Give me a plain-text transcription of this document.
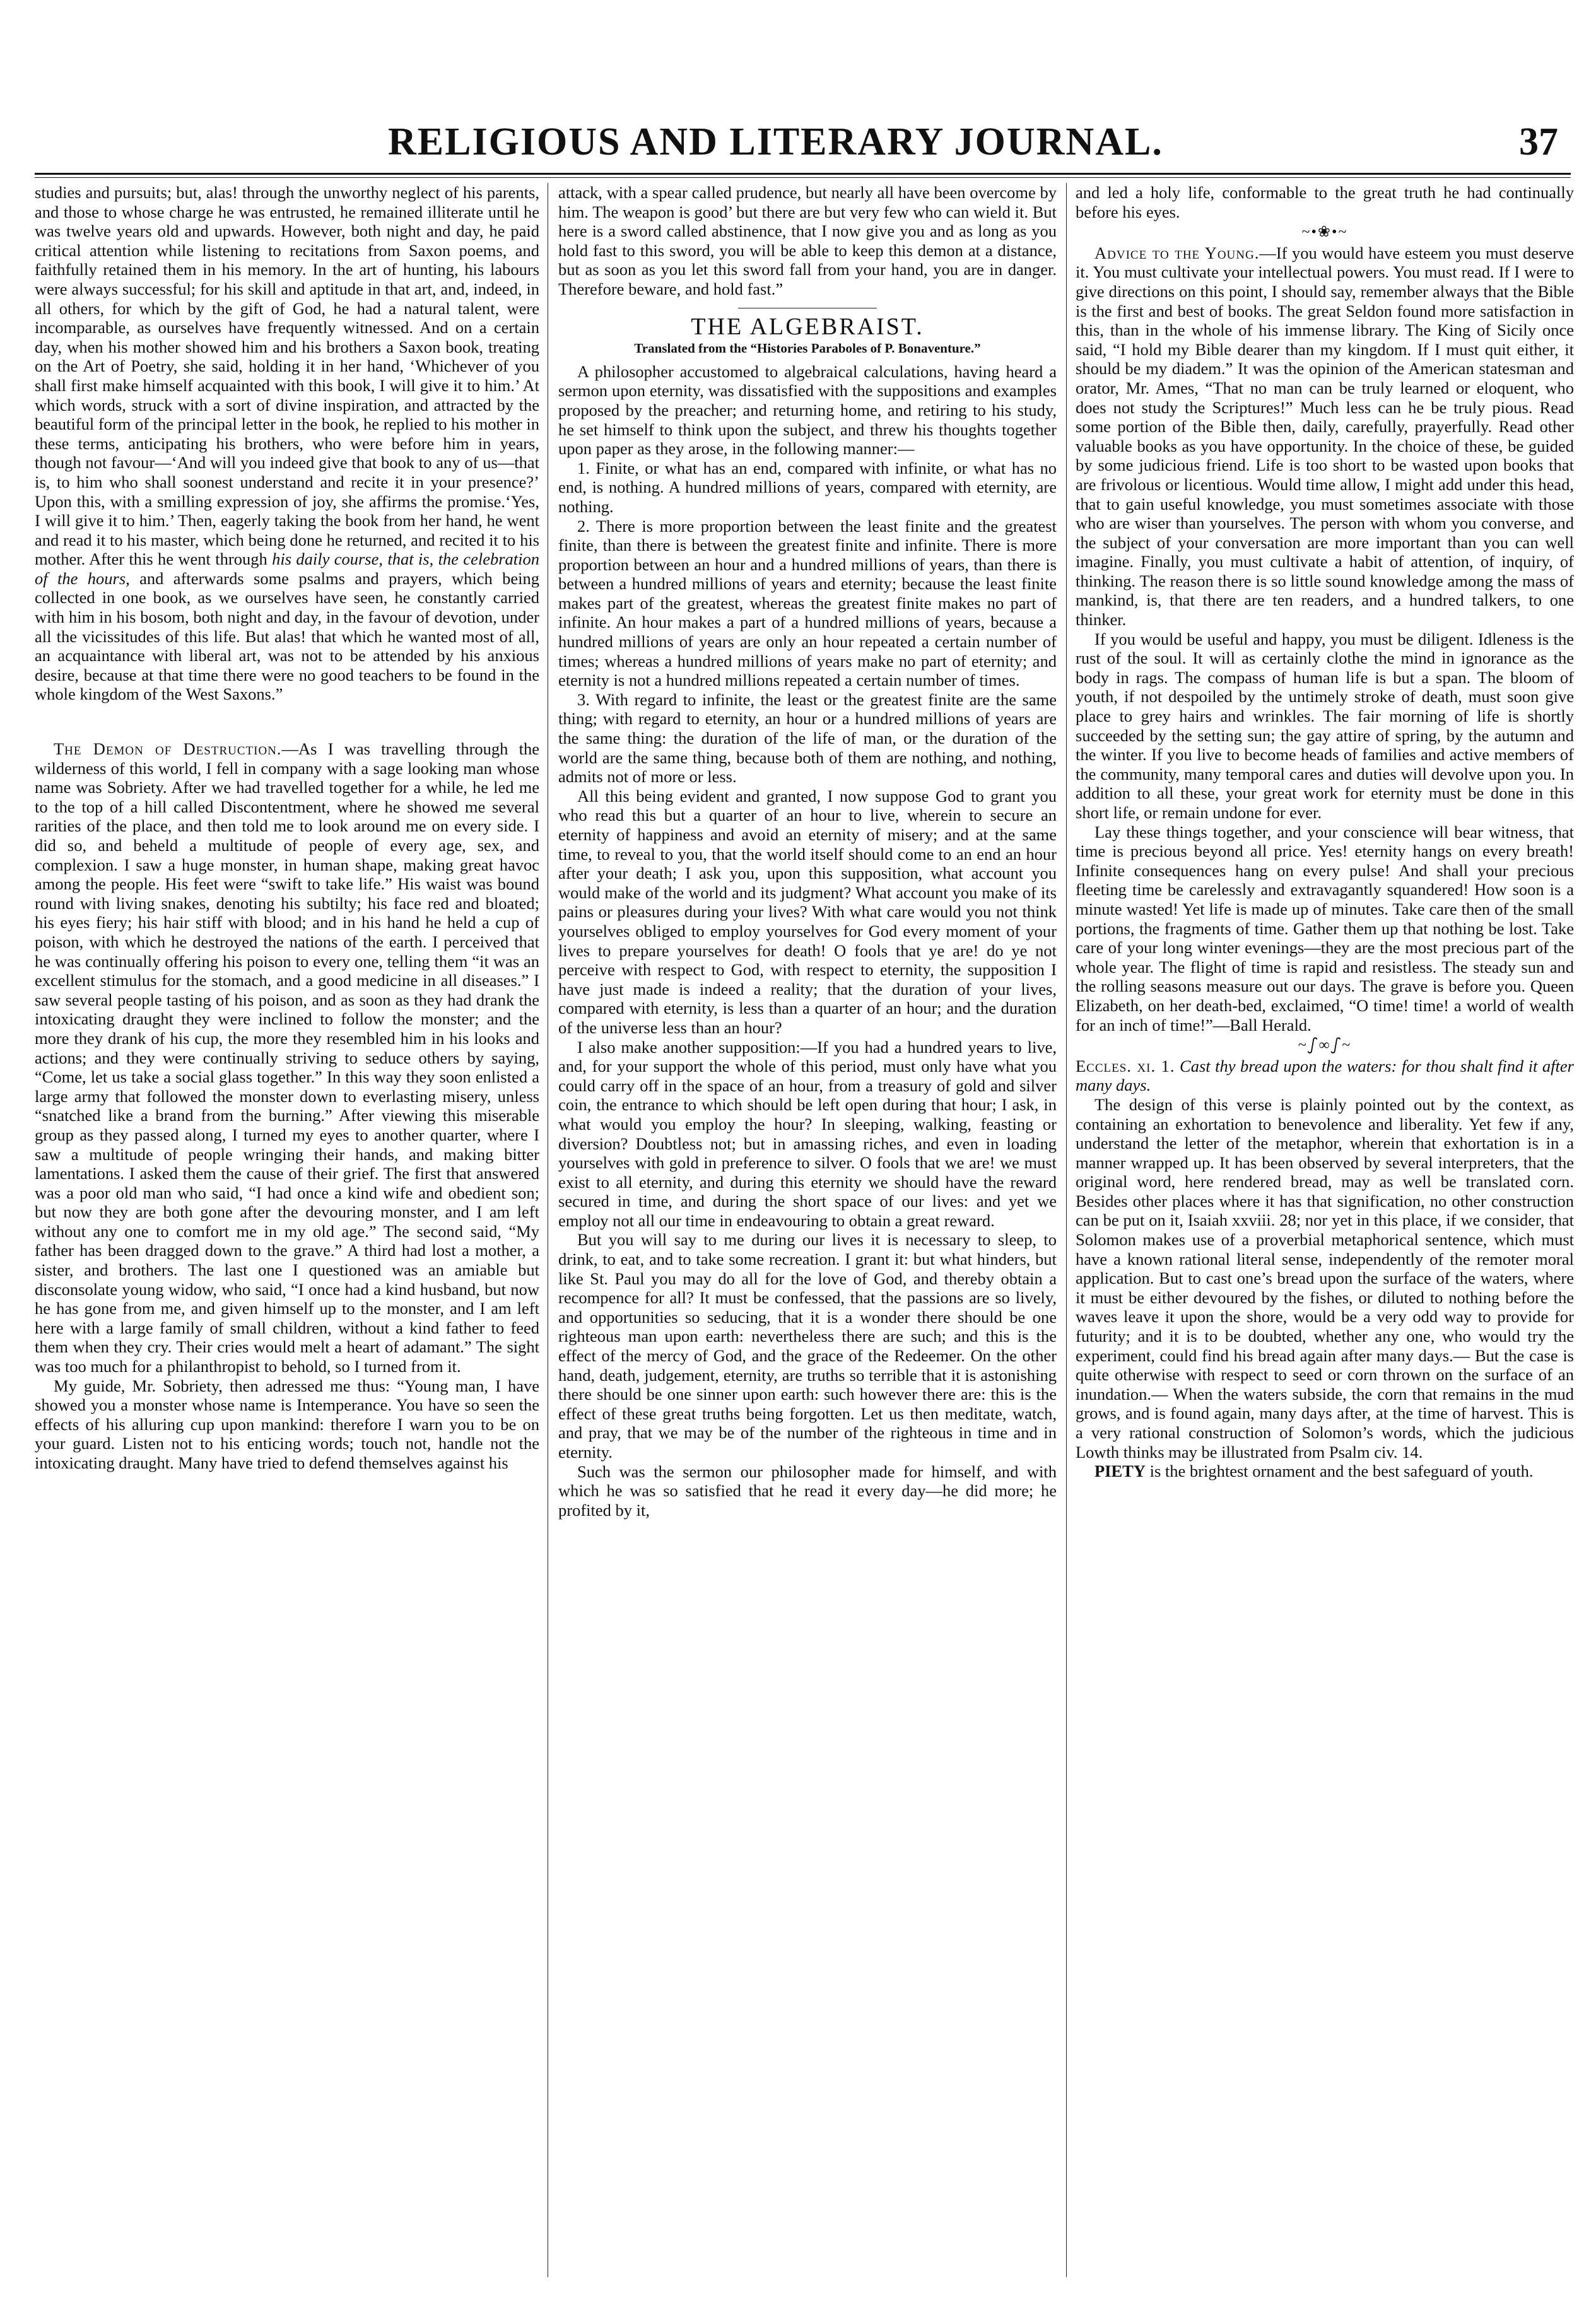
RELIGIOUS AND LITERARY JOURNAL.	37

studies and pursuits; but, alas! through the unworthy neglect of his parents, and those to whose charge he was entrusted, he remained illiterate until he was twelve years old and upwards. However, both night and day, he paid critical attention while listening to recitations from Saxon poems, and faithfully retained them in his memory. In the art of hunting, his labours were always successful; for his skill and aptitude in that art, and, indeed, in all others, for which by the gift of God, he had a natural talent, were incomparable, as ourselves have frequently witnessed. And on a certain day, when his mother showed him and his brothers a Saxon book, treating on the Art of Poetry, she said, holding it in her hand, ‘Whichever of you shall first make himself acquainted with this book, I will give it to him.’ At which words, struck with a sort of divine inspiration, and attracted by the beautiful form of the principal letter in the book, he replied to his mother in these terms, anticipating his brothers, who were before him in years, though not favour—‘And will you indeed give that book to any of us—that is, to him who shall soonest understand and recite it in your presence?’ Upon this, with a smilling expression of joy, she affirms the promise.‘Yes, I will give it to him.’ Then, eagerly taking the book from her hand, he went and read it to his master, which being done he returned, and recited it to his mother. After this he went through his daily course, that is, the celebration of the hours, and afterwards some psalms and prayers, which being collected in one book, as we ourselves have seen, he constantly carried with him in his bosom, both night and day, in the favour of devotion, under all the vicissitudes of this life. But alas! that which he wanted most of all, an acquaintance with liberal art, was not to be attended by his anxious desire, because at that time there were no good teachers to be found in the whole kingdom of the West Saxons.”

The Demon of Destruction.—As I was travelling through the wilderness of this world, I fell in company with a sage looking man whose name was Sobriety. After we had travelled together for a while, he led me to the top of a hill called Discontentment, where he showed me several rarities of the place, and then told me to look around me on every side. I did so, and beheld a multitude of people of every age, sex, and complexion. I saw a huge monster, in human shape, making great havoc among the people. His feet were “swift to take life.” His waist was bound round with living snakes, denoting his subtilty; his face red and bloated; his eyes fiery; his hair stiff with blood; and in his hand he held a cup of poison, with which he destroyed the nations of the earth. I perceived that he was continually offering his poison to every one, telling them “it was an excellent stimulus for the stomach, and a good medicine in all diseases.” I saw several people tasting of his poison, and as soon as they had drank the intoxicating draught they were inclined to follow the monster; and the more they drank of his cup, the more they resembled him in his looks and actions; and they were continually striving to seduce others by saying, “Come, let us take a social glass together.” In this way they soon enlisted a large army that followed the monster down to everlasting misery, unless “snatched like a brand from the burning.” After viewing this miserable group as they passed along, I turned my eyes to another quarter, where I saw a multitude of people wringing their hands, and making bitter lamentations. I asked them the cause of their grief. The first that answered was a poor old man who said, “I had once a kind wife and obedient son; but now they are both gone after the devouring monster, and I am left without any one to comfort me in my old age.” The second said, “My father has been dragged down to the grave.” A third had lost a mother, a sister, and brothers. The last one I questioned was an amiable but disconsolate young widow, who said, “I once had a kind husband, but now he has gone from me, and given himself up to the monster, and I am left here with a large family of small children, without a kind father to feed them when they cry. Their cries would melt a heart of adamant.” The sight was too much for a philanthropist to behold, so I turned from it.

My guide, Mr. Sobriety, then adressed me thus: “Young man, I have showed you a monster whose name is Intemperance. You have so seen the effects of his alluring cup upon mankind: therefore I warn you to be on your guard. Listen not to his enticing words; touch not, handle not the intoxicating draught. Many have tried to defend themselves against his

attack, with a spear called prudence, but nearly all have been overcome by him. The weapon is good’ but there are but very few who can wield it. But here is a sword called abstinence, that I now give you and as long as you hold fast to this sword, you will be able to keep this demon at a distance, but as soon as you let this sword fall from your hand, you are in danger. Therefore beware, and hold fast.”

THE ALGEBRAIST.
Translated from the “Histories Paraboles of P. Bonaventure.”

A philosopher accustomed to algebraical calculations, having heard a sermon upon eternity, was dissatisfied with the suppositions and examples proposed by the preacher; and returning home, and retiring to his study, he set himself to think upon the subject, and threw his thoughts together upon paper as they arose, in the following manner:—

1. Finite, or what has an end, compared with infinite, or what has no end, is nothing. A hundred millions of years, compared with eternity, are nothing.

2. There is more proportion between the least finite and the greatest finite, than there is between the greatest finite and infinite. There is more proportion between an hour and a hundred millions of years, than there is between a hundred millions of years and eternity; because the least finite makes part of the greatest, whereas the greatest finite makes no part of infinite. An hour makes a part of a hundred millions of years, because a hundred millions of years are only an hour repeated a certain number of times; whereas a hundred millions of years make no part of eternity; and eternity is not a hundred millions repeated a certain number of times.

3. With regard to infinite, the least or the greatest finite are the same thing; with regard to eternity, an hour or a hundred millions of years are the same thing: the duration of the life of man, or the duration of the world are the same thing, because both of them are nothing, and nothing, admits not of more or less.

All this being evident and granted, I now suppose God to grant you who read this but a quarter of an hour to live, wherein to secure an eternity of happiness and avoid an eternity of misery; and at the same time, to reveal to you, that the world itself should come to an end an hour after your death; I ask you, upon this supposition, what account you would make of the world and its judgment? What account you make of its pains or pleasures during your lives? With what care would you not think yourselves obliged to employ yourselves for God every moment of your lives to prepare yourselves for death! O fools that ye are! do ye not perceive with respect to God, with respect to eternity, the supposition I have just made is indeed a reality; that the duration of your lives, compared with eternity, is less than a quarter of an hour; and the duration of the universe less than an hour?

I also make another supposition:—If you had a hundred years to live, and, for your support the whole of this period, must only have what you could carry off in the space of an hour, from a treasury of gold and silver coin, the entrance to which should be left open during that hour; I ask, in what would you employ the hour? In sleeping, walking, feasting or diversion? Doubtless not; but in amassing riches, and even in loading yourselves with gold in preference to silver. O fools that we are! we must exist to all eternity, and during this eternity we should have the reward secured in time, and during the short space of our lives: and yet we employ not all our time in endeavouring to obtain a great reward.

But you will say to me during our lives it is necessary to sleep, to drink, to eat, and to take some recreation. I grant it: but what hinders, but like St. Paul you may do all for the love of God, and thereby obtain a recompence for all? It must be confessed, that the passions are so lively, and opportunities so seducing, that it is a wonder there should be one righteous man upon earth: nevertheless there are such; and this is the effect of the mercy of God, and the grace of the Redeemer. On the other hand, death, judgement, eternity, are truths so terrible that it is astonishing there should be one sinner upon earth: such however there are: this is the effect of these great truths being forgotten. Let us then meditate, watch, and pray, that we may be of the number of the righteous in time and in eternity.

Such was the sermon our philosopher made for himself, and with which he was so satisfied that he read it every day—he did more; he profited by it,

and led a holy life, conformable to the great truth he had continually before his eyes.

~•❀•~

Advice to the Young.—If you would have esteem you must deserve it. You must cultivate your intellectual powers. You must read. If I were to give directions on this point, I should say, remember always that the Bible is the first and best of books. The great Seldon found more satisfaction in this, than in the whole of his immense library. The King of Sicily once said, “I hold my Bible dearer than my kingdom. If I must quit either, it should be my diadem.” It was the opinion of the American statesman and orator, Mr. Ames, “That no man can be truly learned or eloquent, who does not study the Scriptures!” Much less can he be truly pious. Read some portion of the Bible then, daily, carefully, prayerfully. Read other valuable books as you have opportunity. In the choice of these, be guided by some judicious friend. Life is too short to be wasted upon books that are frivolous or licentious. Would time allow, I might add under this head, that to gain useful knowledge, you must sometimes associate with those who are wiser than yourselves. The person with whom you converse, and the subject of your conversation are more important than you can well imagine. Finally, you must cultivate a habit of attention, of inquiry, of thinking. The reason there is so little sound knowledge among the mass of mankind, is, that there are ten readers, and a hundred talkers, to one thinker.

If you would be useful and happy, you must be diligent. Idleness is the rust of the soul. It will as certainly clothe the mind in ignorance as the body in rags. The compass of human life is but a span. The bloom of youth, if not despoiled by the untimely stroke of death, must soon give place to grey hairs and wrinkles. The fair morning of life is shortly succeeded by the setting sun; the gay attire of spring, by the autumn and the winter. If you live to become heads of families and active members of the community, many temporal cares and duties will devolve upon you. In addition to all these, your great work for eternity must be done in this short life, or remain undone for ever.

Lay these things together, and your conscience will bear witness, that time is precious beyond all price. Yes! eternity hangs on every breath! Infinite consequences hang on every pulse! And shall your precious fleeting time be carelessly and extravagantly squandered! How soon is a minute wasted! Yet life is made up of minutes. Take care then of the small portions, the fragments of time. Gather them up that nothing be lost. Take care of your long winter evenings—they are the most precious part of the whole year. The flight of time is rapid and resistless. The steady sun and the rolling seasons measure out our days. The grave is before you. Queen Elizabeth, on her death-bed, exclaimed, “O time! time! a world of wealth for an inch of time!”—Ball Herald.

~ഽ∞ഽ~

Eccles. xi. 1. Cast thy bread upon the waters: for thou shalt find it after many days.

The design of this verse is plainly pointed out by the context, as containing an exhortation to benevolence and liberality. Yet few if any, understand the letter of the metaphor, wherein that exhortation is in a manner wrapped up. It has been observed by several interpreters, that the original word, here rendered bread, may as well be translated corn. Besides other places where it has that signification, no other construction can be put on it, Isaiah xxviii. 28; nor yet in this place, if we consider, that Solomon makes use of a proverbial metaphorical sentence, which must have a known rational literal sense, independently of the remoter moral application. But to cast one’s bread upon the surface of the waters, where it must be either devoured by the fishes, or diluted to nothing before the waves leave it upon the shore, would be a very odd way to provide for futurity; and it is to be doubted, whether any one, who would try the experiment, could find his bread again after many days.— But the case is quite otherwise with respect to seed or corn thrown on the surface of an inundation.— When the waters subside, the corn that remains in the mud grows, and is found again, many days after, at the time of harvest. This is a very rational construction of Solomon’s words, which the judicious Lowth thinks may be illustrated from Psalm civ. 14.

PIETY is the brightest ornament and the best safeguard of youth.
